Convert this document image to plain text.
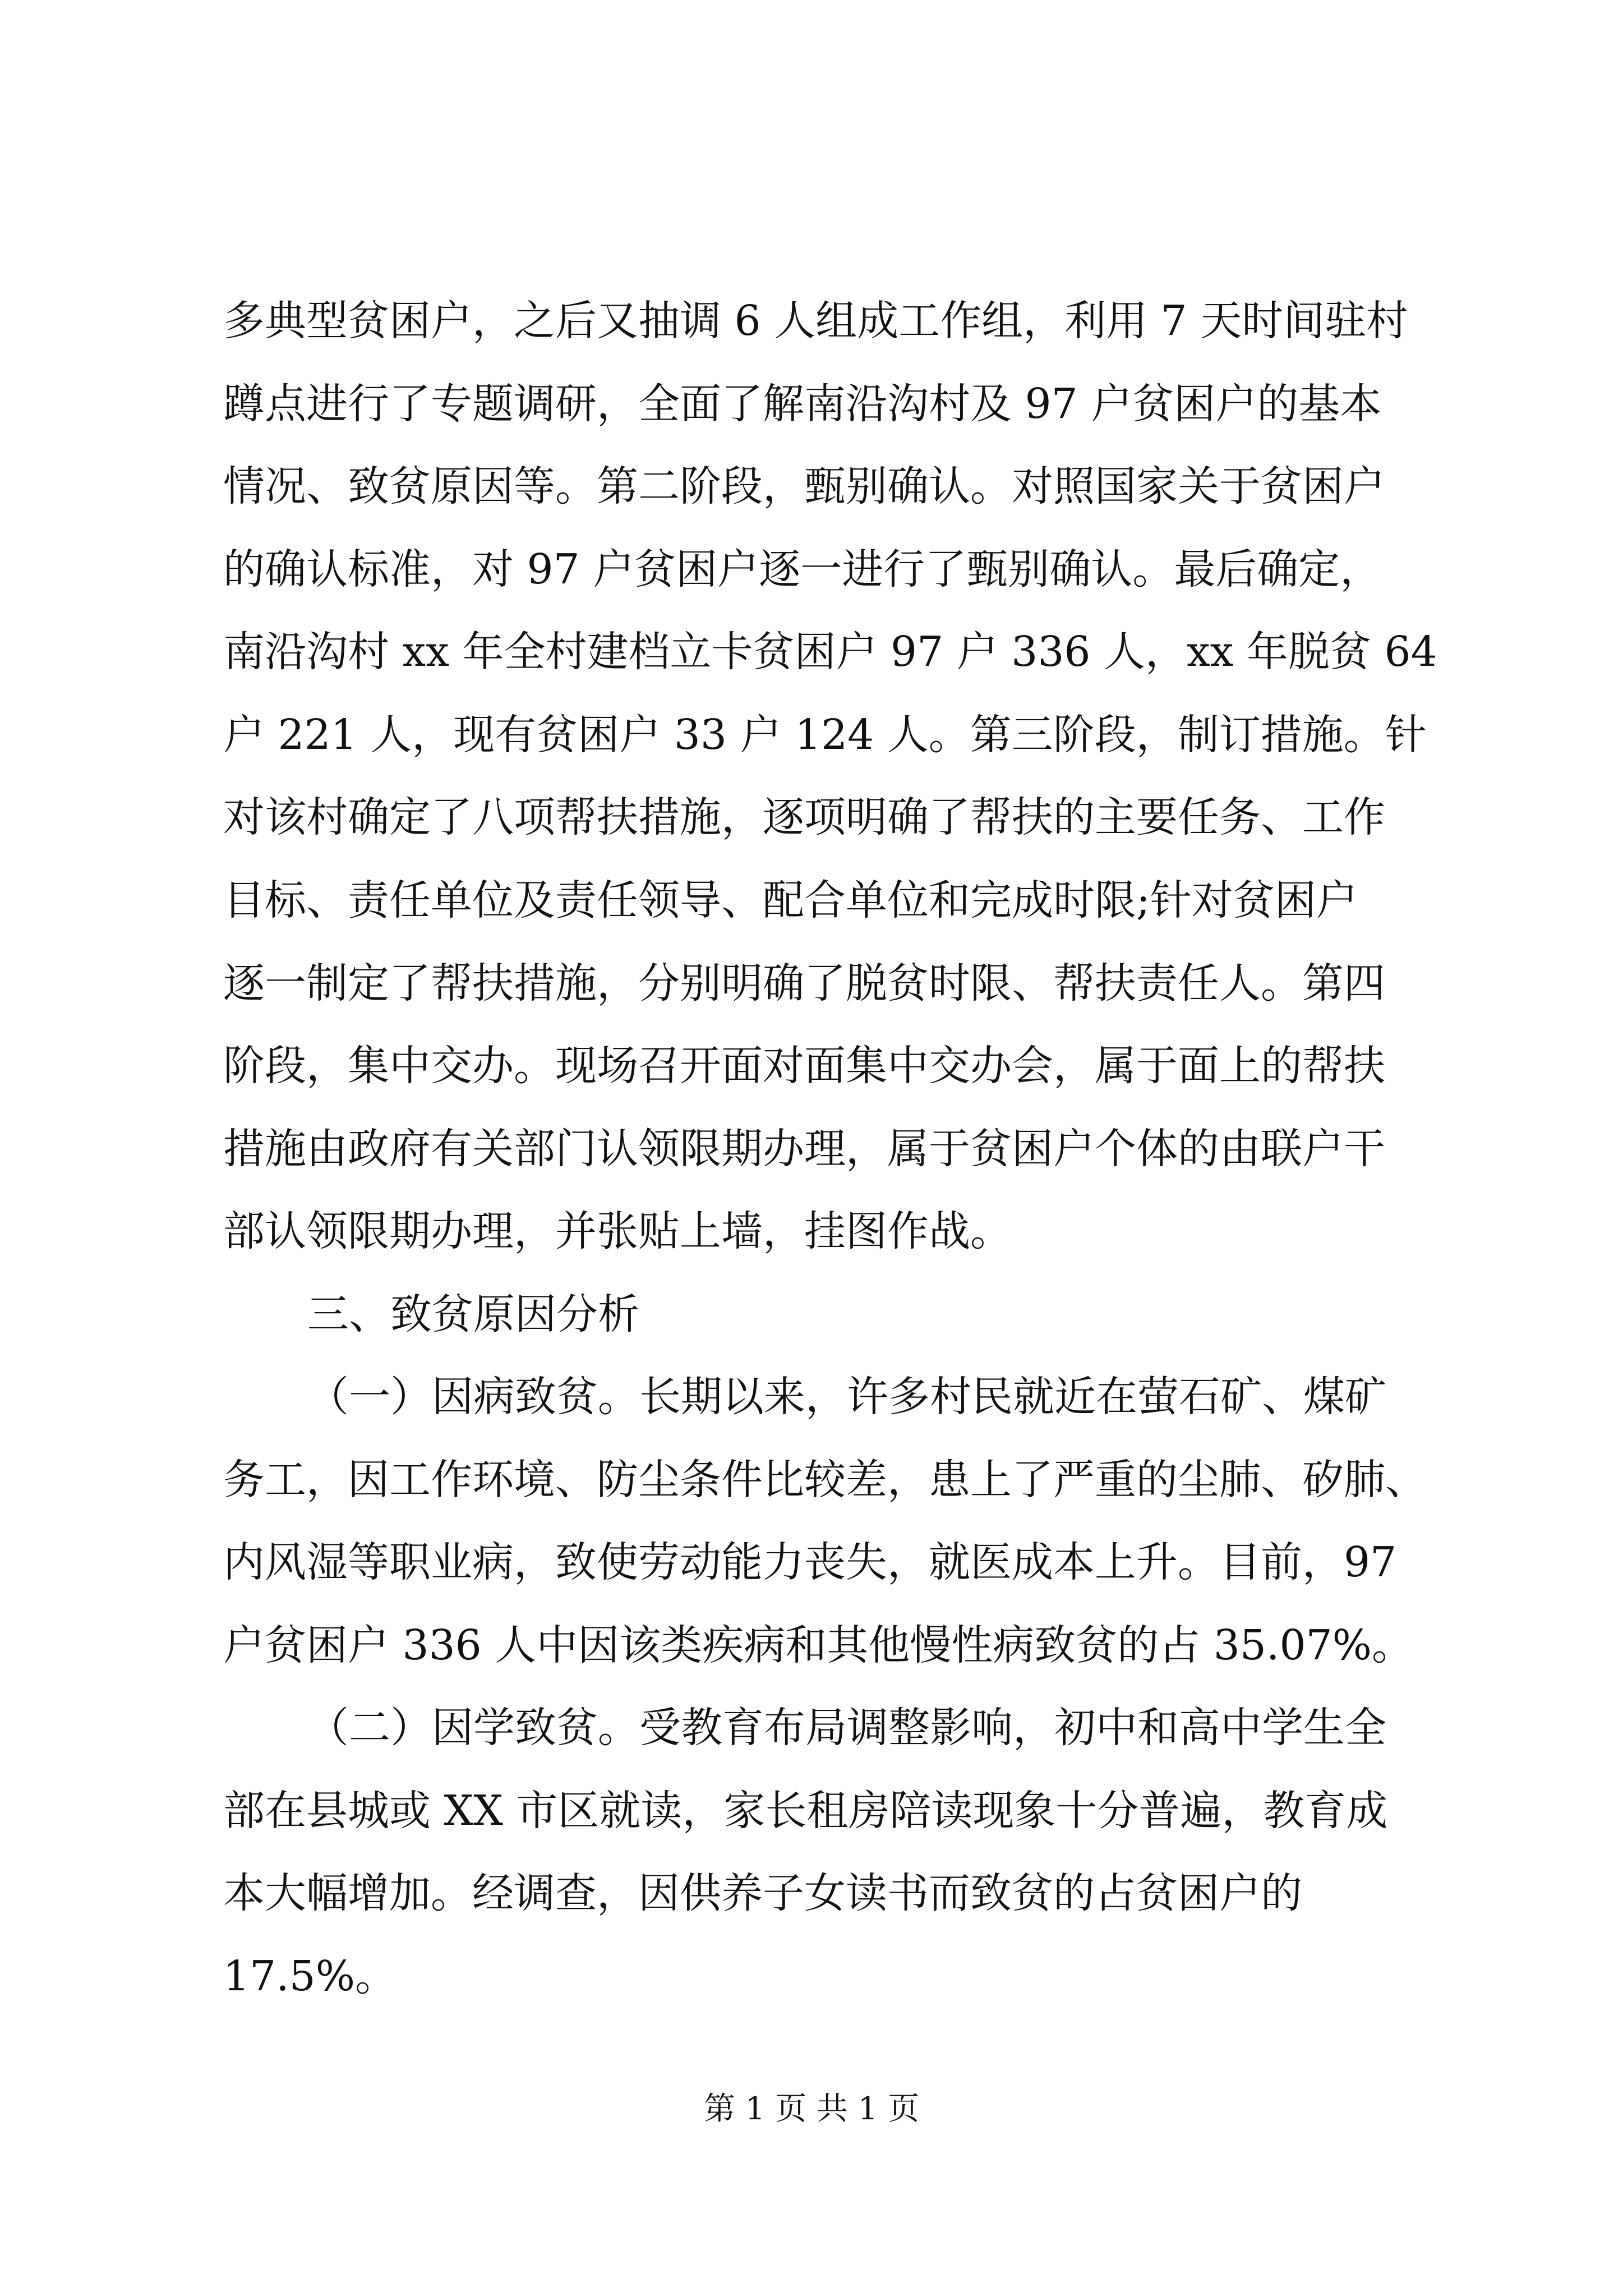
多典型贫困户，之后又抽调 6 人组成工作组，利用 7 天时间驻村
蹲点进行了专题调研，全面了解南沿沟村及 97 户贫困户的基本
情况、致贫原因等。第二阶段，甄别确认。对照国家关于贫困户
的确认标准，对 97 户贫困户逐一进行了甄别确认。最后确定，
南沿沟村 xx 年全村建档立卡贫困户 97 户 336 人，xx 年脱贫 64
户 221 人，现有贫困户 33 户 124 人。第三阶段，制订措施。针
对该村确定了八项帮扶措施，逐项明确了帮扶的主要任务、工作
目标、责任单位及责任领导、配合单位和完成时限;针对贫困户
逐一制定了帮扶措施，分别明确了脱贫时限、帮扶责任人。第四
阶段，集中交办。现场召开面对面集中交办会，属于面上的帮扶
措施由政府有关部门认领限期办理，属于贫困户个体的由联户干
部认领限期办理，并张贴上墙，挂图作战。
三、致贫原因分析
（一）因病致贫。长期以来，许多村民就近在萤石矿、煤矿
务工，因工作环境、防尘条件比较差，患上了严重的尘肺、矽肺、
内风湿等职业病，致使劳动能力丧失，就医成本上升。目前，97
户贫困户 336 人中因该类疾病和其他慢性病致贫的占 35.07%。
（二）因学致贫。受教育布局调整影响，初中和高中学生全
部在县城或 XX 市区就读，家长租房陪读现象十分普遍，教育成
本大幅增加。经调查，因供养子女读书而致贫的占贫困户的
17.5%。
第 1 页 共 1 页
